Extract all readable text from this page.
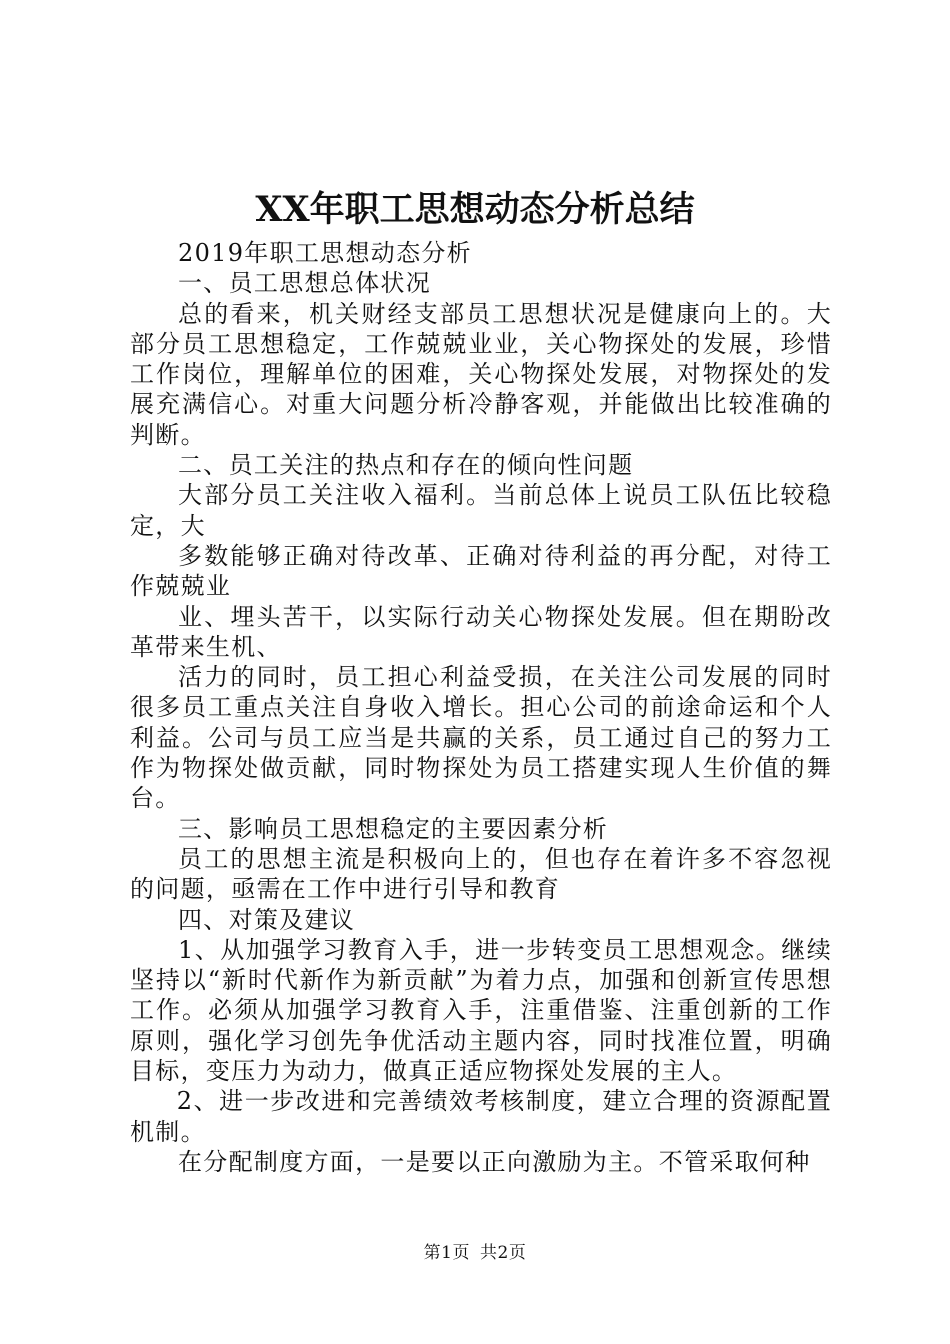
XX年职工思想动态分析总结

2019年职工思想动态分析

一、员工思想总体状况

总的看来，机关财经支部员工思想状况是健康向上的。大部分员工思想稳定，工作兢兢业业，关心物探处的发展，珍惜工作岗位，理解单位的困难，关心物探处发展，对物探处的发展充满信心。对重大问题分析冷静客观，并能做出比较准确的判断。

二、员工关注的热点和存在的倾向性问题

大部分员工关注收入福利。当前总体上说员工队伍比较稳定，大

多数能够正确对待改革、正确对待利益的再分配，对待工作兢兢业

业、埋头苦干，以实际行动关心物探处发展。但在期盼改革带来生机、

活力的同时，员工担心利益受损，在关注公司发展的同时很多员工重点关注自身收入增长。担心公司的前途命运和个人利益。公司与员工应当是共赢的关系，员工通过自己的努力工作为物探处做贡献，同时物探处为员工搭建实现人生价值的舞台。

三、影响员工思想稳定的主要因素分析

员工的思想主流是积极向上的，但也存在着许多不容忽视的问题，亟需在工作中进行引导和教育

四、对策及建议

1、从加强学习教育入手，进一步转变员工思想观念。继续坚持以“新时代新作为新贡献”为着力点，加强和创新宣传思想工作。必须从加强学习教育入手，注重借鉴、注重创新的工作原则，强化学习创先争优活动主题内容，同时找准位置，明确目标，变压力为动力，做真正适应物探处发展的主人。

2、进一步改进和完善绩效考核制度，建立合理的资源配置机制。

在分配制度方面，一是要以正向激励为主。不管采取何种

第1页 共2页
